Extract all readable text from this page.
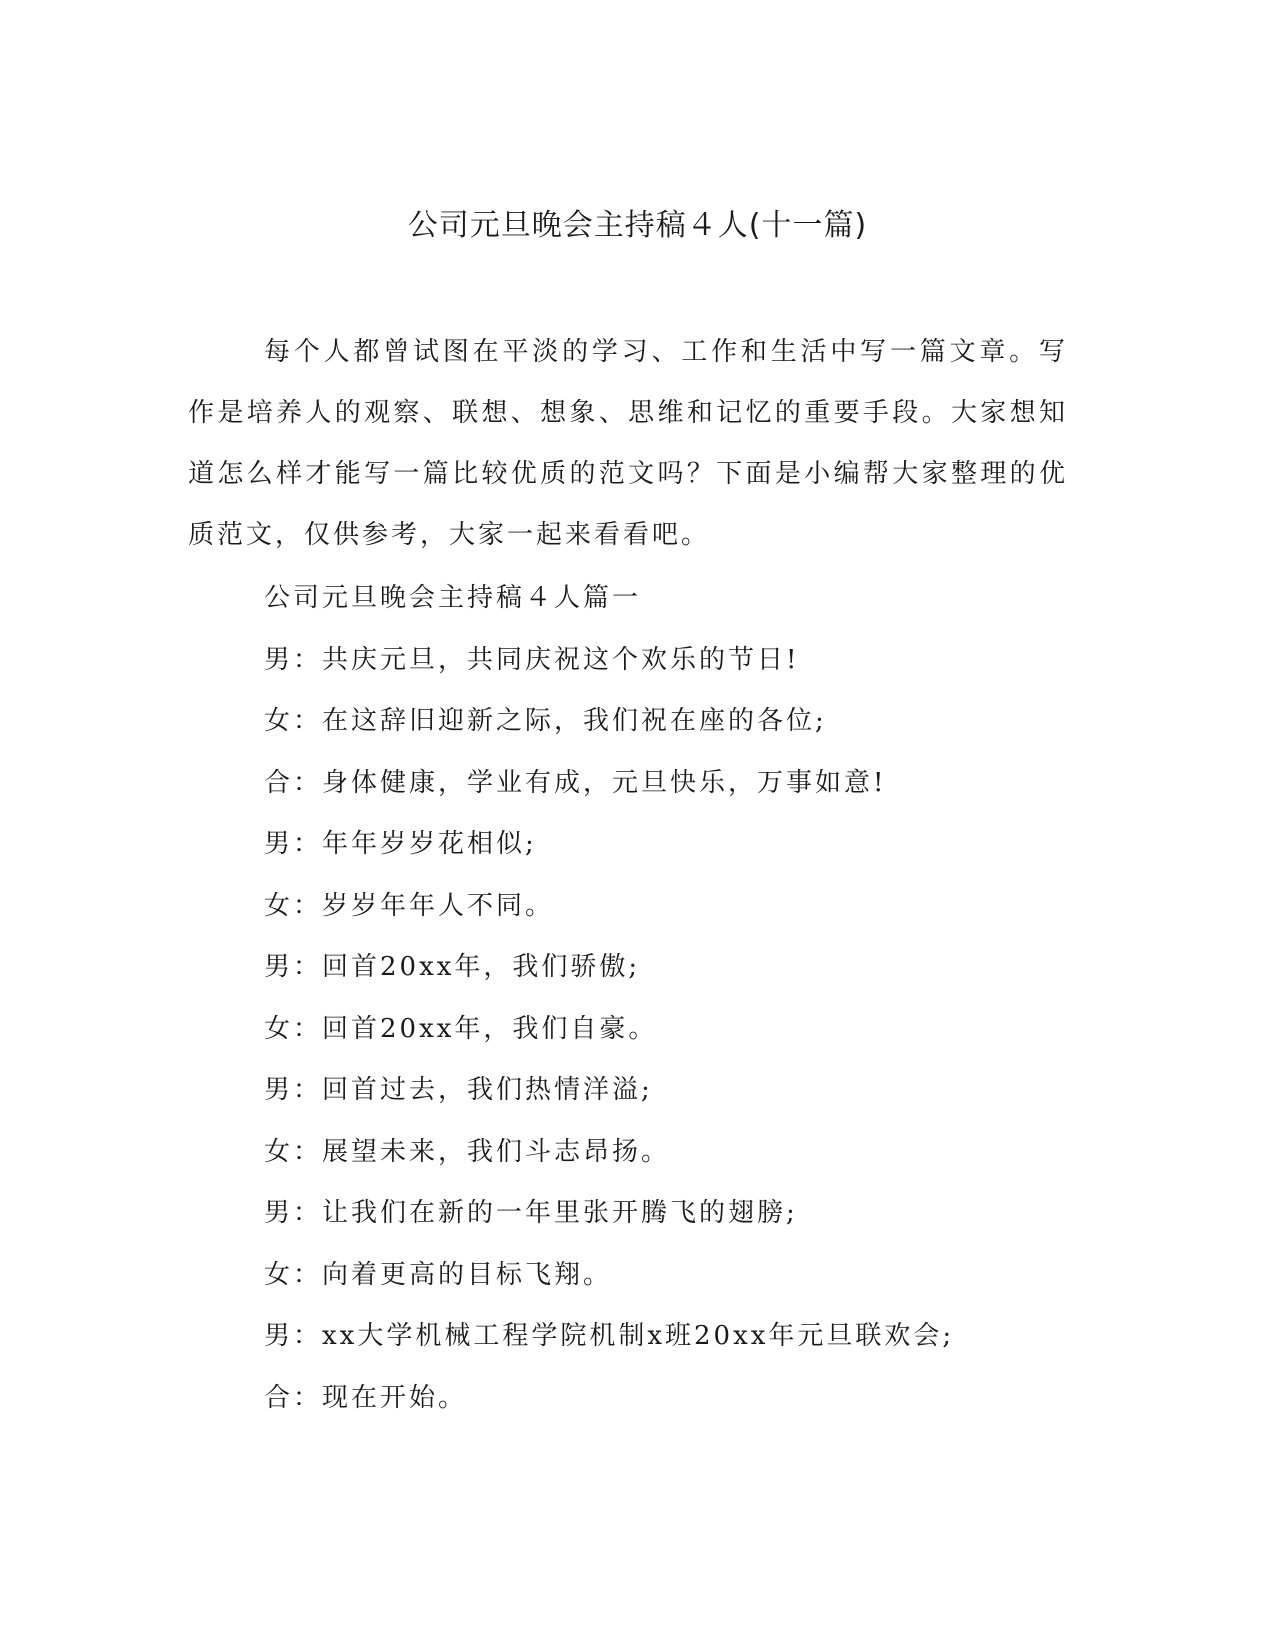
公司元旦晚会主持稿４人(十一篇)

每个人都曾试图在平淡的学习、工作和生活中写一篇文章。写作是培养人的观察、联想、想象、思维和记忆的重要手段。大家想知道怎么样才能写一篇比较优质的范文吗？下面是小编帮大家整理的优质范文，仅供参考，大家一起来看看吧。

公司元旦晚会主持稿４人篇一
男：共庆元旦，共同庆祝这个欢乐的节日!
女：在这辞旧迎新之际，我们祝在座的各位;
合：身体健康，学业有成，元旦快乐，万事如意!
男：年年岁岁花相似;
女：岁岁年年人不同。
男：回首20xx年，我们骄傲;
女：回首20xx年，我们自豪。
男：回首过去，我们热情洋溢;
女：展望未来，我们斗志昂扬。
男：让我们在新的一年里张开腾飞的翅膀;
女：向着更高的目标飞翔。
男：xx大学机械工程学院机制x班20xx年元旦联欢会;
合：现在开始。
